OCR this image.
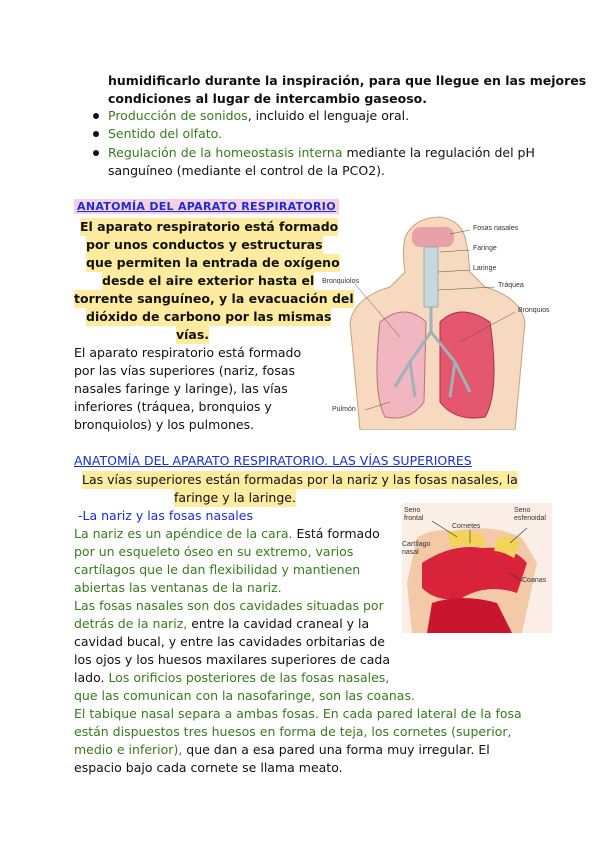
humidificarlo durante la inspiración, para que llegue en las mejores
condiciones al lugar de intercambio gaseoso.
Producción de sonidos, incluido el lenguaje oral.
Sentido del olfato.
Regulación de la homeostasis interna mediante la regulación del pH
sanguíneo (mediante el control de la PCO2).
ANATOMÍA DEL APARATO RESPIRATORIO
El aparato respiratorio está formado
por unos conductos y estructuras
que permiten la entrada de oxígeno
desde el aire exterior hasta el
torrente sanguíneo, y la evacuación del
dióxido de carbono por las mismas
vías.
El aparato respiratorio está formado
por las vías superiores (nariz, fosas
nasales faringe y laringe), las vías
inferiores (tráquea, bronquios y
bronquiolos) y los pulmones.
Fosas nasales
Faringe
Laringe
Bronquiolos
Tráquea
Bronquios
Pulmón
ANATOMÍA DEL APARATO RESPIRATORIO. LAS VÍAS SUPERIORES
Las vías superiores están formadas por la nariz y las fosas nasales, la
faringe y la laringe.
-La nariz y las fosas nasales
La nariz es un apéndice de la cara. Está formado
por un esqueleto óseo en su extremo, varios
cartílagos que le dan flexibilidad y mantienen
abiertas las ventanas de la nariz.
Las fosas nasales son dos cavidades situadas por
detrás de la nariz, entre la cavidad craneal y la
cavidad bucal, y entre las cavidades orbitarias de
los ojos y los huesos maxilares superiores de cada
lado. Los orificios posteriores de las fosas nasales,
que las comunican con la nasofaringe, son las coanas.
El tabique nasal separa a ambas fosas. En cada pared lateral de la fosa
están dispuestos tres huesos en forma de teja, los cornetes (superior,
medio e inferior), que dan a esa pared una forma muy irregular. El
espacio bajo cada cornete se llama meato.
Seno frontal
Cornetes
Seno esfenoidal
Cartílago nasal
Coanas
